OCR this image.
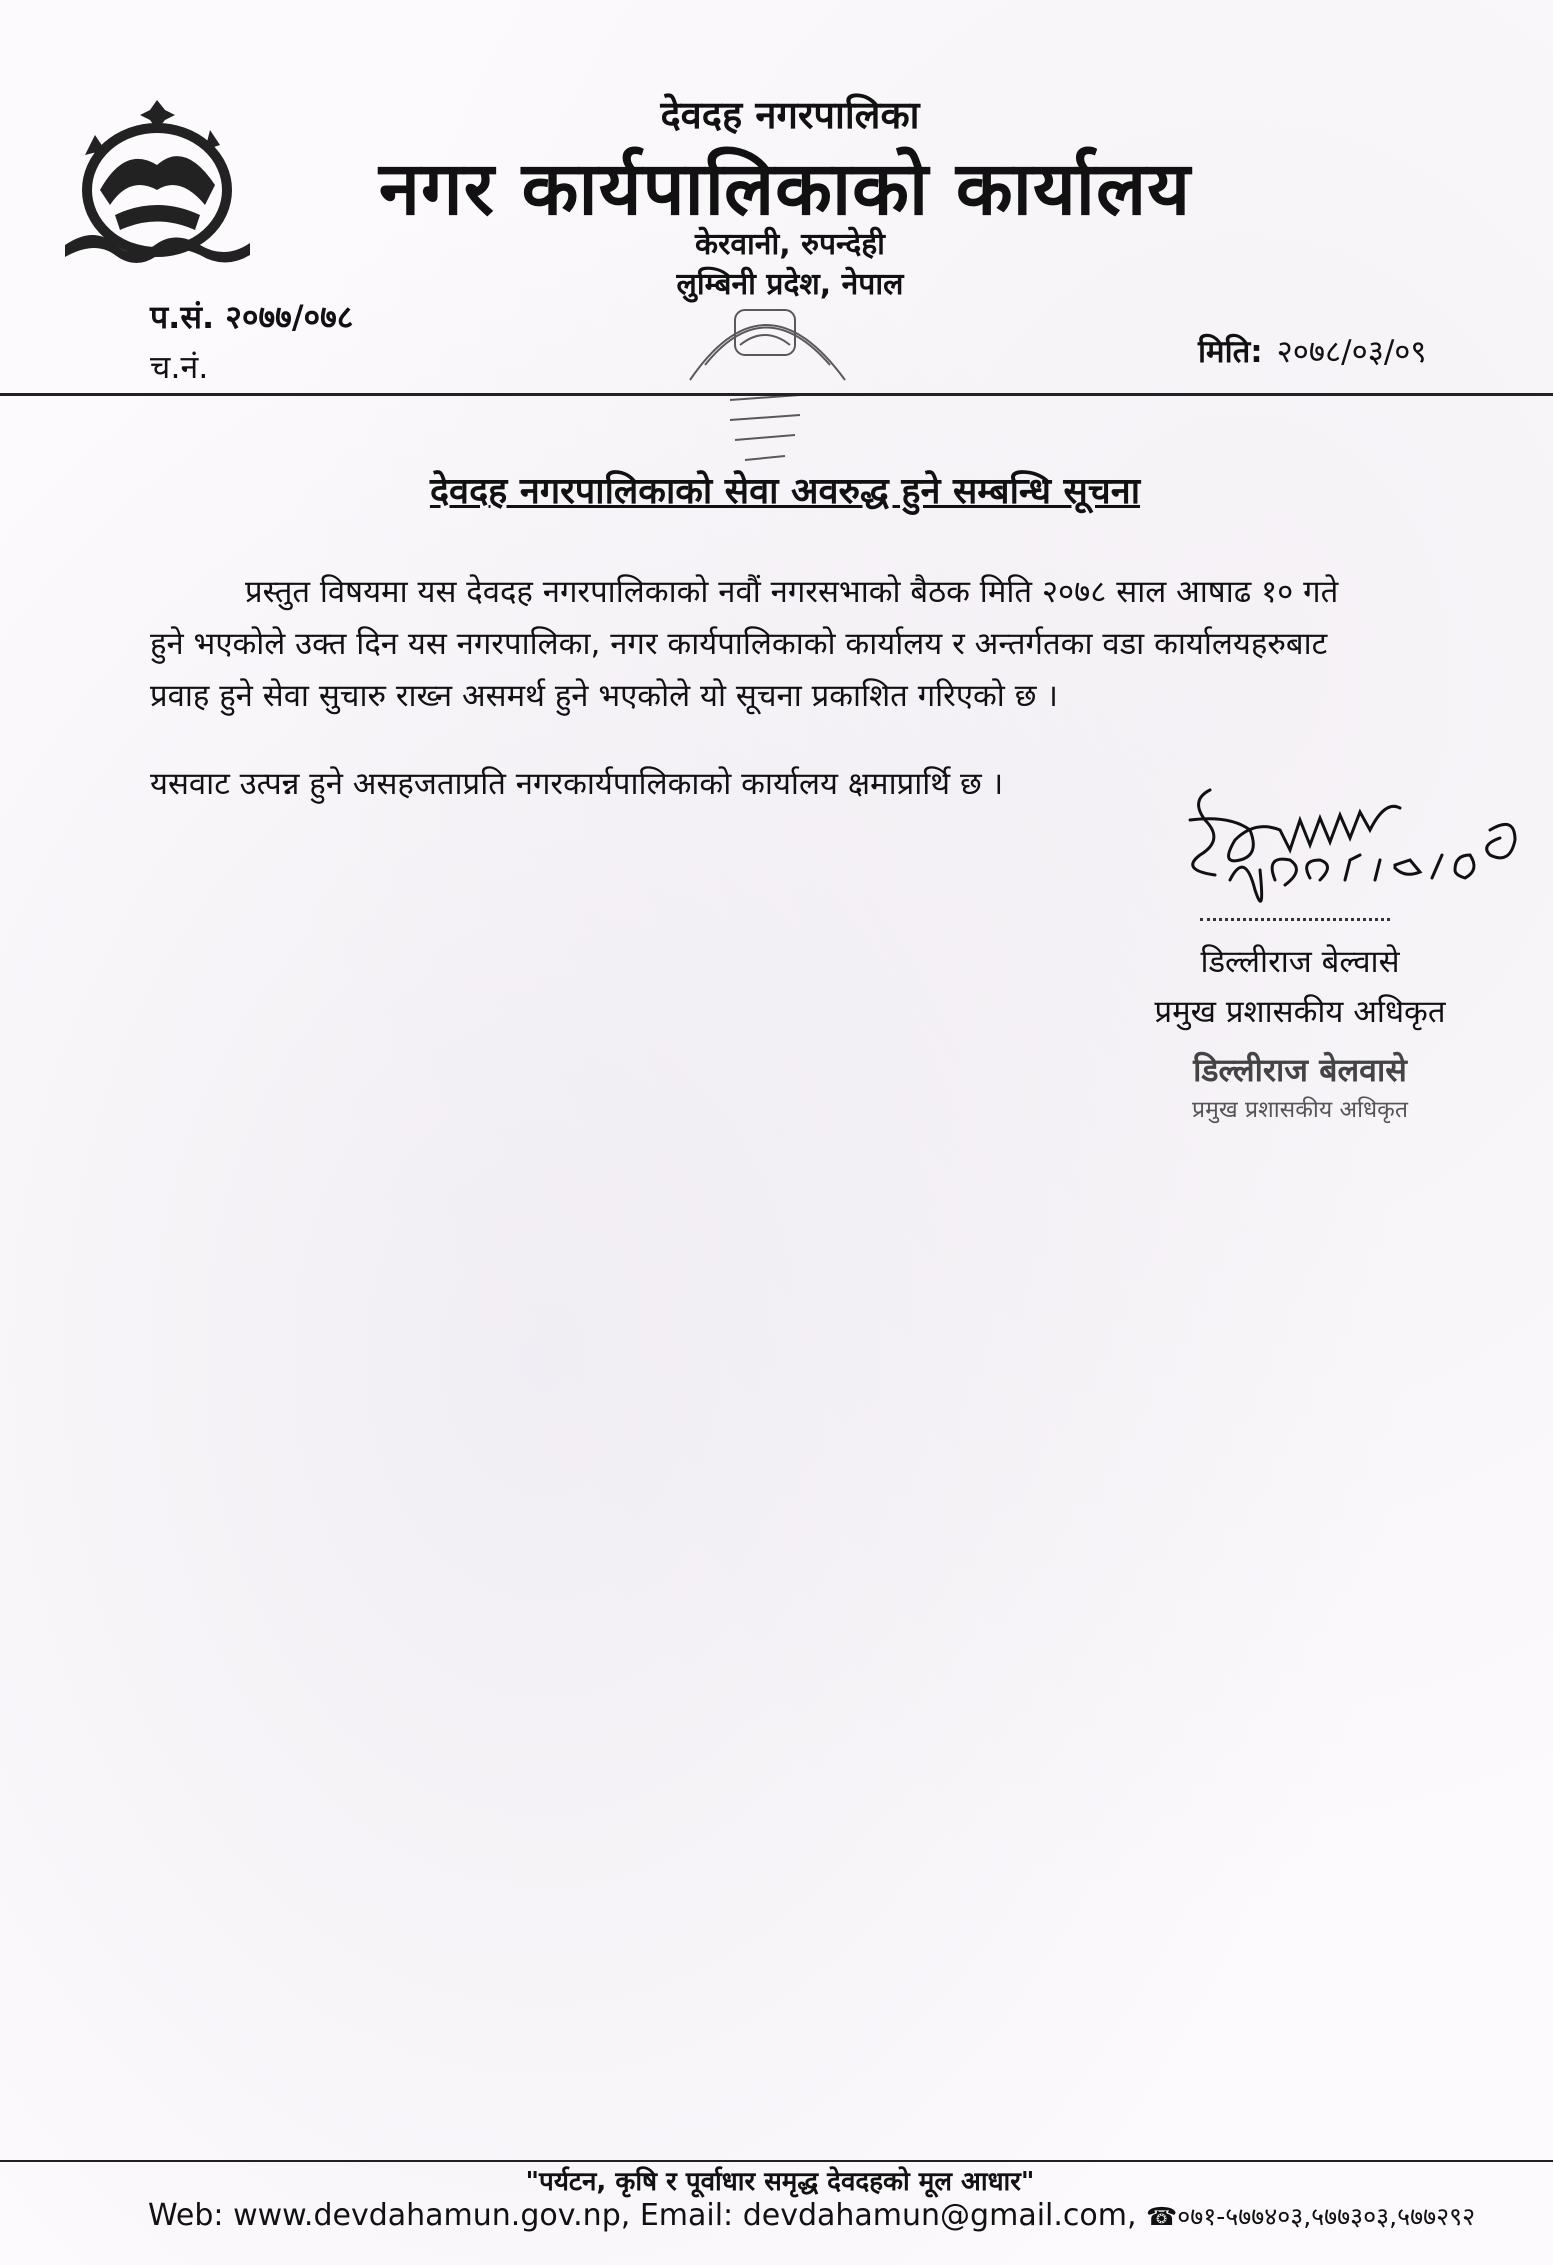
देवदह नगरपालिका
नगर कार्यपालिकाको कार्यालय
केरवानी, रुपन्देही
लुम्बिनी प्रदेश, नेपाल
प.सं. २०७७/०७८
च.नं.	मिति: २०७८/०३/०९
देवदह नगरपालिकाको सेवा अवरुद्ध हुने सम्बन्धि सूचना
प्रस्तुत विषयमा यस देवदह नगरपालिकाको नवौं नगरसभाको बैठक मिति २०७८ साल आषाढ १० गते
हुने भएकोले उक्त दिन यस नगरपालिका, नगर कार्यपालिकाको कार्यालय र अन्तर्गतका वडा कार्यालयहरुबाट
प्रवाह हुने सेवा सुचारु राख्न असमर्थ हुने भएकोले यो सूचना प्रकाशित गरिएको छ ।
यसवाट उत्पन्न हुने असहजताप्रति नगरकार्यपालिकाको कार्यालय क्षमाप्रार्थि छ ।
डिल्लीराज बेल्वासे
प्रमुख प्रशासकीय अधिकृत
डिल्लीराज बेलवासे
प्रमुख प्रशासकीय अधिकृत
"पर्यटन, कृषि र पूर्वाधार समृद्ध देवदहको मूल आधार"
Web: www.devdahamun.gov.np, Email: devdahamun@gmail.com, ☎०७१-५७७४०३,५७७३०३,५७७२९२
